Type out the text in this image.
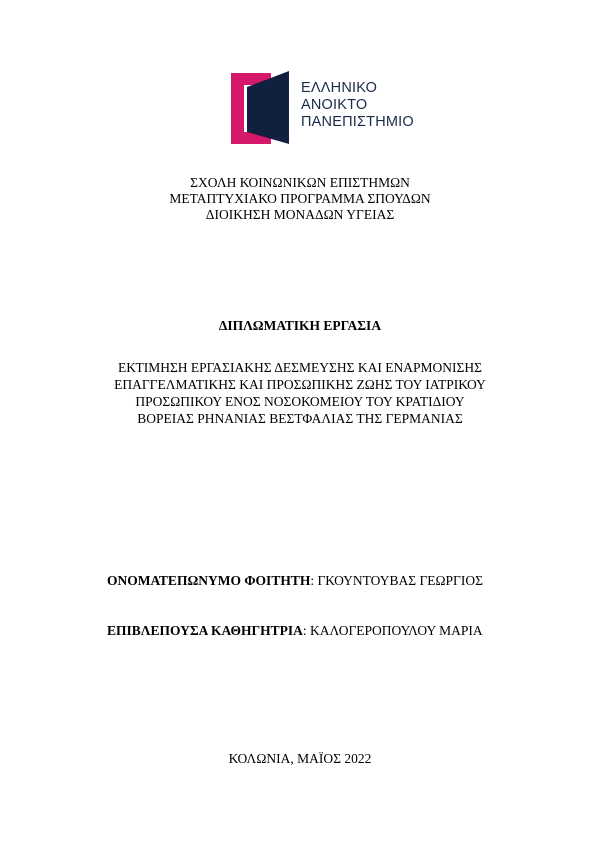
ΕΛΛΗΝΙΚΟ
ΑΝΟΙΚΤΟ
ΠΑΝΕΠΙΣΤΗΜΙΟ
ΣΧΟΛΗ ΚΟΙΝΩΝΙΚΩΝ ΕΠΙΣΤΗΜΩΝ
ΜΕΤΑΠΤΥΧΙΑΚΟ ΠΡΟΓΡΑΜΜΑ ΣΠΟΥΔΩΝ
ΔΙΟΙΚΗΣΗ ΜΟΝΑΔΩΝ ΥΓΕΙΑΣ
ΔΙΠΛΩΜΑΤΙΚΗ ΕΡΓΑΣΙΑ
ΕΚΤΙΜΗΣΗ ΕΡΓΑΣΙΑΚΗΣ ΔΕΣΜΕΥΣΗΣ ΚΑΙ ΕΝΑΡΜΟΝΙΣΗΣ
ΕΠΑΓΓΕΛΜΑΤΙΚΗΣ ΚΑΙ ΠΡΟΣΩΠΙΚΗΣ ΖΩΗΣ ΤΟΥ ΙΑΤΡΙΚΟΥ
ΠΡΟΣΩΠΙΚΟΥ ΕΝΟΣ ΝΟΣΟΚΟΜΕΙΟΥ ΤΟΥ ΚΡΑΤΙΔΙΟΥ
ΒΟΡΕΙΑΣ ΡΗΝΑΝΙΑΣ ΒΕΣΤΦΑΛΙΑΣ ΤΗΣ ΓΕΡΜΑΝΙΑΣ
ΟΝΟΜΑΤΕΠΩΝΥΜΟ ΦΟΙΤΗΤΗ: ΓΚΟΥΝΤΟΥΒΑΣ ΓΕΩΡΓΙΟΣ
ΕΠΙΒΛΕΠΟΥΣΑ ΚΑΘΗΓΗΤΡΙΑ: ΚΑΛΟΓΕΡΟΠΟΥΛΟΥ ΜΑΡΙΑ
ΚΟΛΩΝΙΑ, ΜΑΪΟΣ 2022
